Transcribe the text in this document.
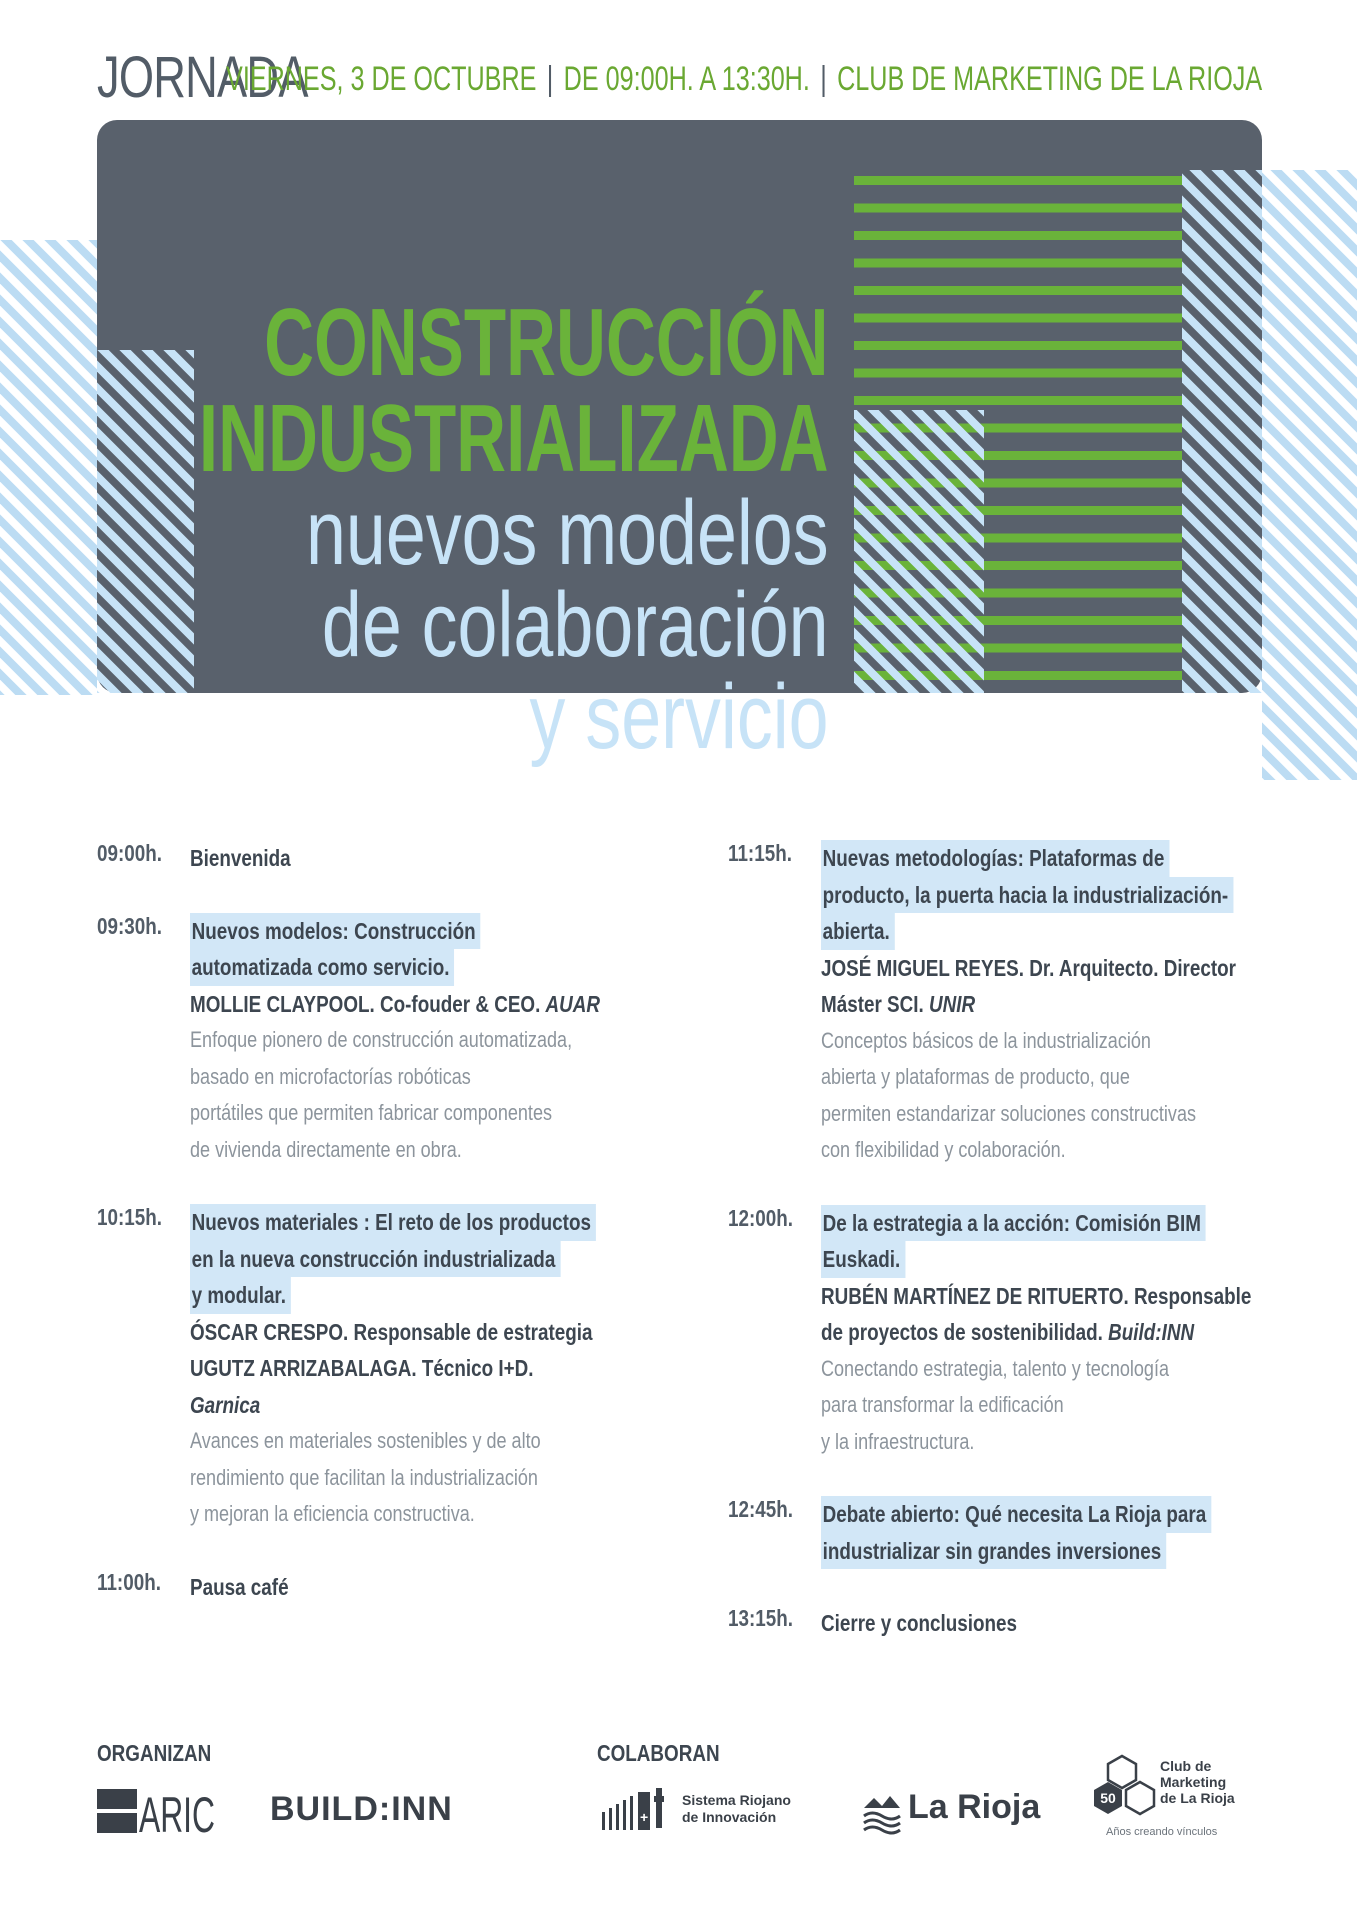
JORNADA
VIERNES, 3 DE OCTUBRE | DE 09:00H. A 13:30H. | CLUB DE MARKETING DE LA RIOJA
CONSTRUCCIÓN
INDUSTRIALIZADA
nuevos modelos
de colaboración
y servicio
09:00h.	Bienvenida
09:30h.	Nuevos modelos: Construcción
automatizada como servicio.
MOLLIE CLAYPOOL. Co-fouder & CEO. AUAR
Enfoque pionero de construcción automatizada,
basado en microfactorías robóticas
portátiles que permiten fabricar componentes
de vivienda directamente en obra.
10:15h.	Nuevos materiales : El reto de los productos
en la nueva construcción industrializada
y modular.
ÓSCAR CRESPO. Responsable de estrategia
UGUTZ ARRIZABALAGA. Técnico I+D.
Garnica
Avances en materiales sostenibles y de alto
rendimiento que facilitan la industrialización
y mejoran la eficiencia constructiva.
11:00h.	Pausa café
11:15h.	Nuevas metodologías: Plataformas de
producto, la puerta hacia la industrialización-
abierta.
JOSÉ MIGUEL REYES. Dr. Arquitecto. Director
Máster SCI. UNIR
Conceptos básicos de la industrialización
abierta y plataformas de producto, que
permiten estandarizar soluciones constructivas
con flexibilidad y colaboración.
12:00h.	De la estrategia a la acción: Comisión BIM
Euskadi.
RUBÉN MARTÍNEZ DE RITUERTO. Responsable
de proyectos de sostenibilidad. Build:INN
Conectando estrategia, talento y tecnología
para transformar la edificación
y la infraestructura.
12:45h.	Debate abierto: Qué necesita La Rioja para
industrializar sin grandes inversiones
13:15h.	Cierre y conclusiones
ORGANIZAN	COLABORAN
ARIC BUILD:INN	+
Sistema Riojano
de Innovación	La Rioja	50
Club de
Marketing
de La Rioja
Años creando vínculos
